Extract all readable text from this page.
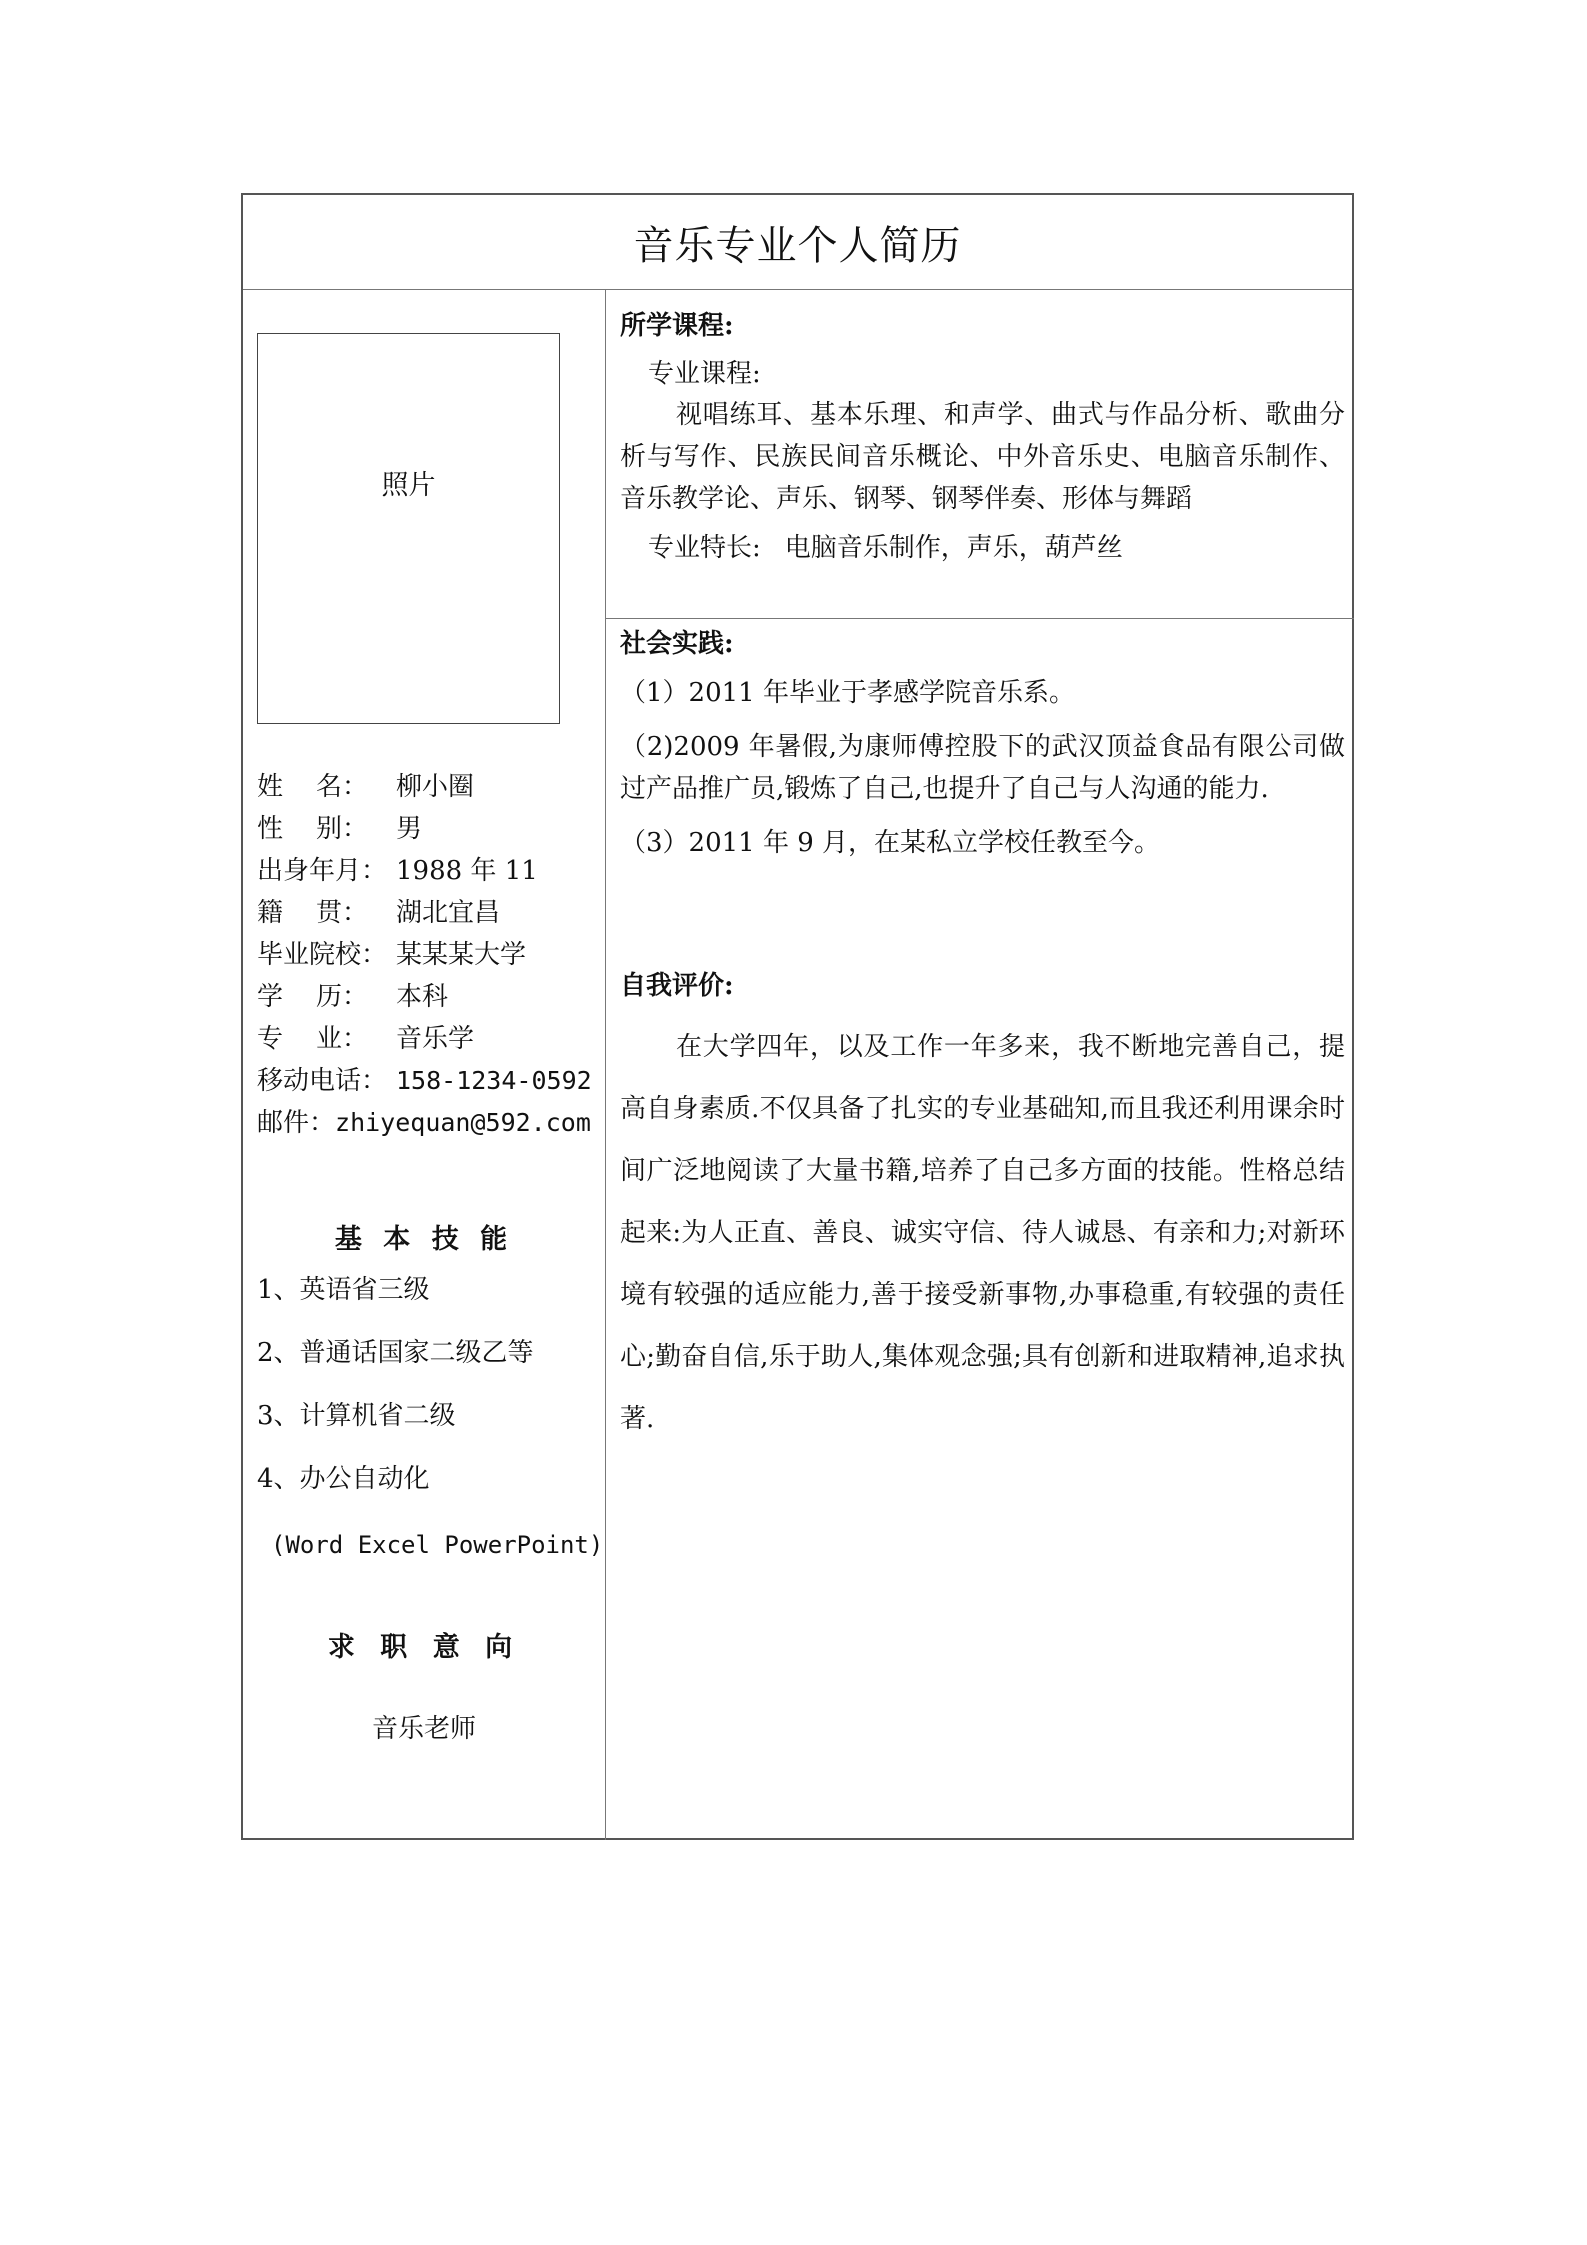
音乐专业个人简历
照片
姓    名： 柳小圈
性    别： 男
出身年月： 1988 年 11
籍    贯： 湖北宜昌
毕业院校： 某某某大学
学    历： 本科
专    业： 音乐学
移动电话： 158-1234-0592
邮件：zhiyequan@592.com
基 本 技 能
1、英语省三级
2、普通话国家二级乙等
3、计算机省二级
4、办公自动化
(Word Excel PowerPoint)
求 职 意 向
音乐老师
所学课程:
专业课程:
视唱练耳、基本乐理、和声学、曲式与作品分析、歌曲分析与写作、民族民间音乐概论、中外音乐史、电脑音乐制作、音乐教学论、声乐、钢琴、钢琴伴奏、形体与舞蹈
专业特长: 电脑音乐制作，声乐，葫芦丝
社会实践:
（1）2011 年毕业于孝感学院音乐系。
（2)2009 年暑假,为康师傅控股下的武汉顶益食品有限公司做过产品推广员,锻炼了自己,也提升了自己与人沟通的能力.
（3）2011 年 9 月，在某私立学校任教至今。
自我评价:
在大学四年，以及工作一年多来，我不断地完善自己，提高自身素质.不仅具备了扎实的专业基础知,而且我还利用课余时间广泛地阅读了大量书籍,培养了自己多方面的技能。性格总结起来:为人正直、善良、诚实守信、待人诚恳、有亲和力;对新环境有较强的适应能力,善于接受新事物,办事稳重,有较强的责任心;勤奋自信,乐于助人,集体观念强;具有创新和进取精神,追求执著.
